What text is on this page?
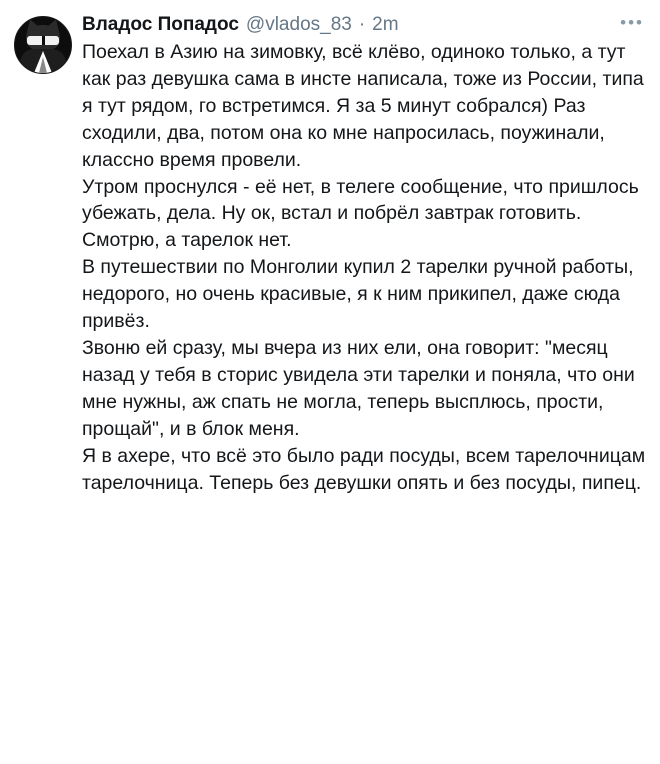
Владос Попадос @vlados_83 · 2m	•••

Поехал в Азию на зимовку, всё клёво, одиноко только, а тут как раз девушка сама в инсте написала, тоже из России, типа я тут рядом, го встретимся. Я за 5 минут собрался) Раз сходили, два, потом она ко мне напросилась, поужинали, классно время провели.

Утром проснулся - её нет, в телеге сообщение, что пришлось убежать, дела. Ну ок, встал и побрёл завтрак готовить. Смотрю, а тарелок нет.

В путешествии по Монголии купил 2 тарелки ручной работы, недорого, но очень красивые, я к ним прикипел, даже сюда привёз.

Звоню ей сразу, мы вчера из них ели, она говорит: "месяц назад у тебя в сторис увидела эти тарелки и поняла, что они мне нужны, аж спать не могла, теперь высплюсь, прости, прощай", и в блок меня.

Я в ахере, что всё это было ради посуды, всем тарелочницам тарелочница. Теперь без девушки опять и без посуды, пипец.
